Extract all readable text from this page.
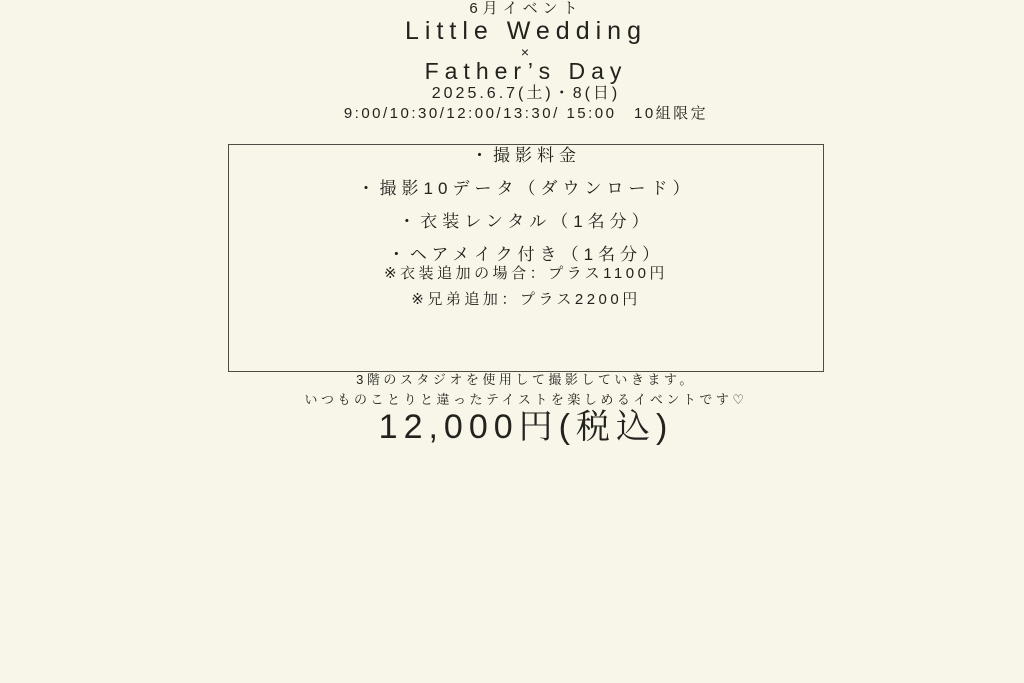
6月イベント

Little Wedding

×

Father’s Day

2025.6.7(土)・8(日)

9:00/10:30/12:00/13:30/ 15:00　10組限定

・撮影料金

・撮影10データ（ダウンロード）

・衣装レンタル（1名分）

・ヘアメイク付き（1名分）

※衣装追加の場合：プラス1100円

※兄弟追加：プラス2200円

3階のスタジオを使用して撮影していきます。

いつものことりと違ったテイストを楽しめるイベントです♡

12,000円(税込)
